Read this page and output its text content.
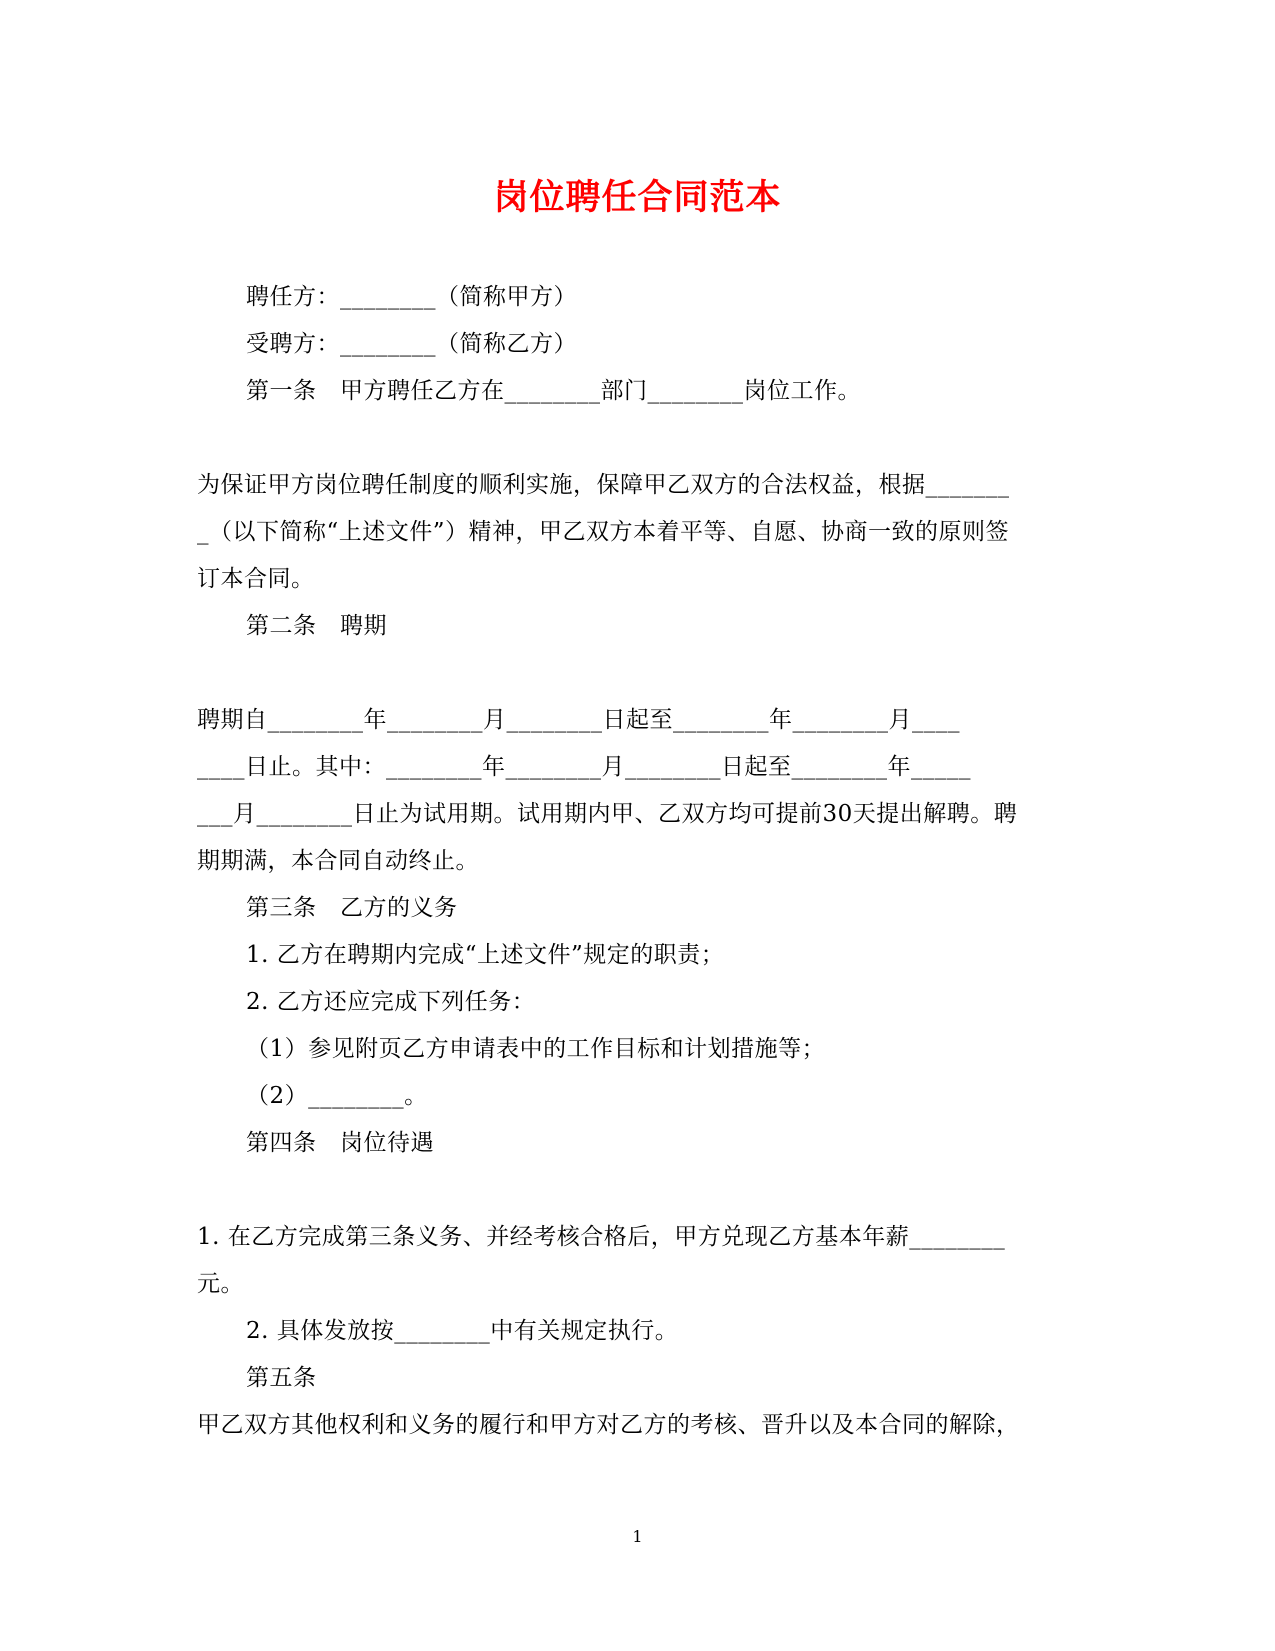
岗位聘任合同范本
聘任方：________（简称甲方）
受聘方：________（简称乙方）
第一条　甲方聘任乙方在________部门________岗位工作。
为保证甲方岗位聘任制度的顺利实施，保障甲乙双方的合法权益，根据_______
_（以下简称“上述文件”）精神，甲乙双方本着平等、自愿、协商一致的原则签
订本合同。
第二条　聘期
聘期自________年________月________日起至________年________月____
____日止。其中：________年________月________日起至________年_____
___月________日止为试用期。试用期内甲、乙双方均可提前30天提出解聘。聘
期期满，本合同自动终止。
第三条　乙方的义务
1. 乙方在聘期内完成“上述文件”规定的职责；
2. 乙方还应完成下列任务：
（1）参见附页乙方申请表中的工作目标和计划措施等；
（2）________。
第四条　岗位待遇
1. 在乙方完成第三条义务、并经考核合格后，甲方兑现乙方基本年薪________
元。
2. 具体发放按________中有关规定执行。
第五条
甲乙双方其他权利和义务的履行和甲方对乙方的考核、晋升以及本合同的解除，
1
